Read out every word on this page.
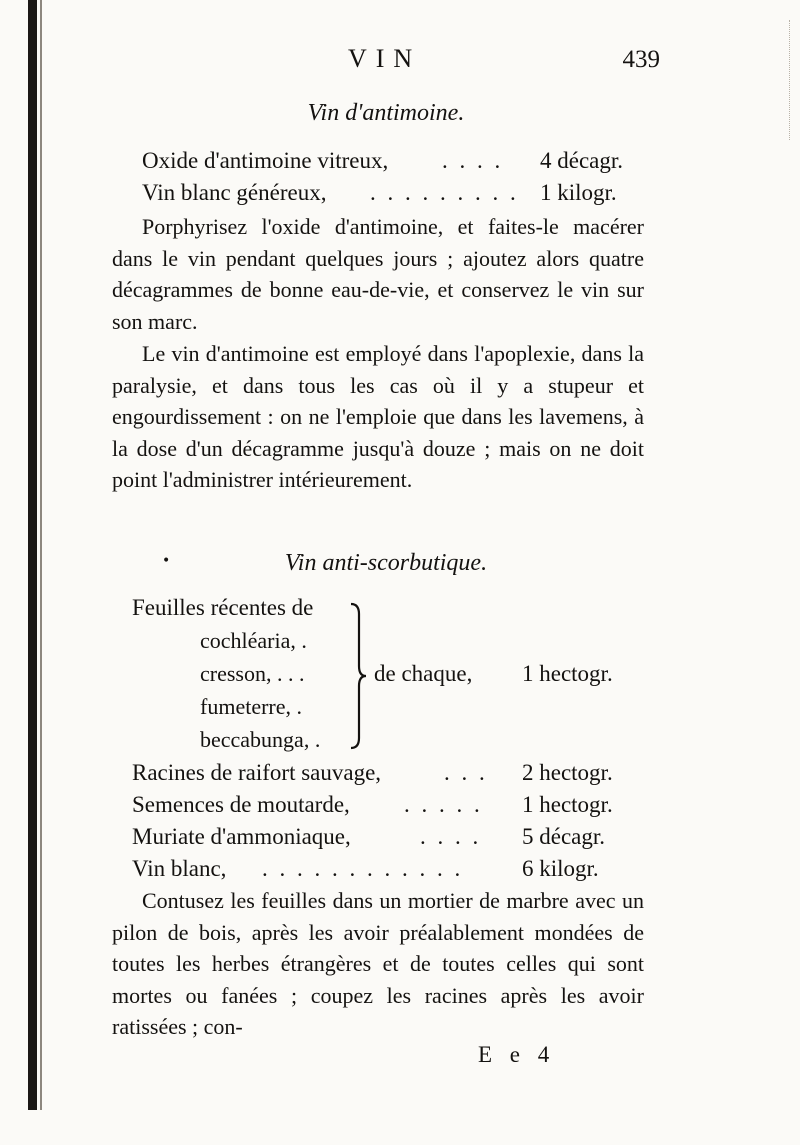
VIN	439
Vin d'antimoine.
Oxide d'antimoine vitreux, . . . . 4 décagr.
Vin blanc généreux, . . . . . . . . . 1 kilogr.

Porphyrisez l'oxide d'antimoine, et faites-le macérer dans le vin pendant quelques jours ; ajoutez alors quatre décagrammes de bonne eau-de-vie, et conservez le vin sur son marc.

Le vin d'antimoine est employé dans l'apoplexie, dans la paralysie, et dans tous les cas où il y a stupeur et engourdissement : on ne l'emploie que dans les lavemens, à la dose d'un décagramme jusqu'à douze ; mais on ne doit point l'administrer intérieurement.

•	Vin anti-scorbutique.
Feuilles récentes de
cochléaria, .
cresson, . . .
fumeterre, .
beccabunga, .
de chaque, 1 hectogr.
Racines de raifort sauvage,	. . . 2 hectogr.
Semences de moutarde, . . . . . 1 hectogr.
Muriate d'ammoniaque,	. . . . 5 décagr.
Vin blanc, . . . . . . . . . . . .	6 kilogr.

Contusez les feuilles dans un mortier de marbre avec un pilon de bois, après les avoir préalablement mondées de toutes les herbes étrangères et de toutes celles qui sont mortes ou fanées ; coupez les racines après les avoir ratissées ; con-

E e 4
